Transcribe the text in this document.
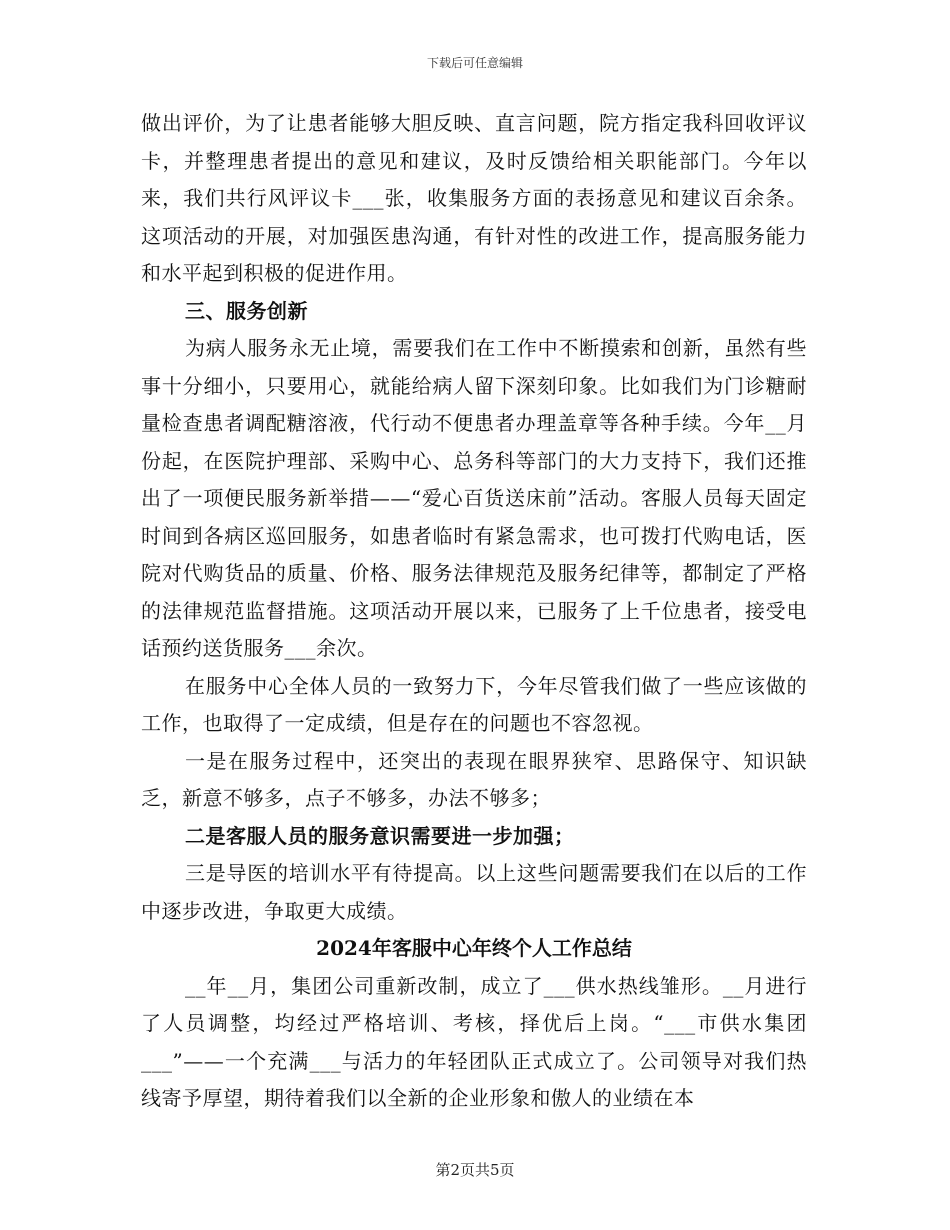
下载后可任意编辑

做出评价，为了让患者能够大胆反映、直言问题，院方指定我科回收评议卡，并整理患者提出的意见和建议，及时反馈给相关职能部门。今年以来，我们共行风评议卡___张，收集服务方面的表扬意见和建议百余条。这项活动的开展，对加强医患沟通，有针对性的改进工作，提高服务能力和水平起到积极的促进作用。

三、服务创新

为病人服务永无止境，需要我们在工作中不断摸索和创新，虽然有些事十分细小，只要用心，就能给病人留下深刻印象。比如我们为门诊糖耐量检查患者调配糖溶液，代行动不便患者办理盖章等各种手续。今年__月份起，在医院护理部、采购中心、总务科等部门的大力支持下，我们还推出了一项便民服务新举措——“爱心百货送床前”活动。客服人员每天固定时间到各病区巡回服务，如患者临时有紧急需求，也可拨打代购电话，医院对代购货品的质量、价格、服务法律规范及服务纪律等，都制定了严格的法律规范监督措施。这项活动开展以来，已服务了上千位患者，接受电话预约送货服务___余次。

在服务中心全体人员的一致努力下，今年尽管我们做了一些应该做的工作，也取得了一定成绩，但是存在的问题也不容忽视。

一是在服务过程中，还突出的表现在眼界狭窄、思路保守、知识缺乏，新意不够多，点子不够多，办法不够多；

二是客服人员的服务意识需要进一步加强；

三是导医的培训水平有待提高。以上这些问题需要我们在以后的工作中逐步改进，争取更大成绩。

2024年客服中心年终个人工作总结

__年__月，集团公司重新改制，成立了___供水热线雏形。__月进行了人员调整，均经过严格培训、考核，择优后上岗。“___市供水集团___”——一个充满___与活力的年轻团队正式成立了。公司领导对我们热线寄予厚望，期待着我们以全新的企业形象和傲人的业绩在本

第2页共5页
